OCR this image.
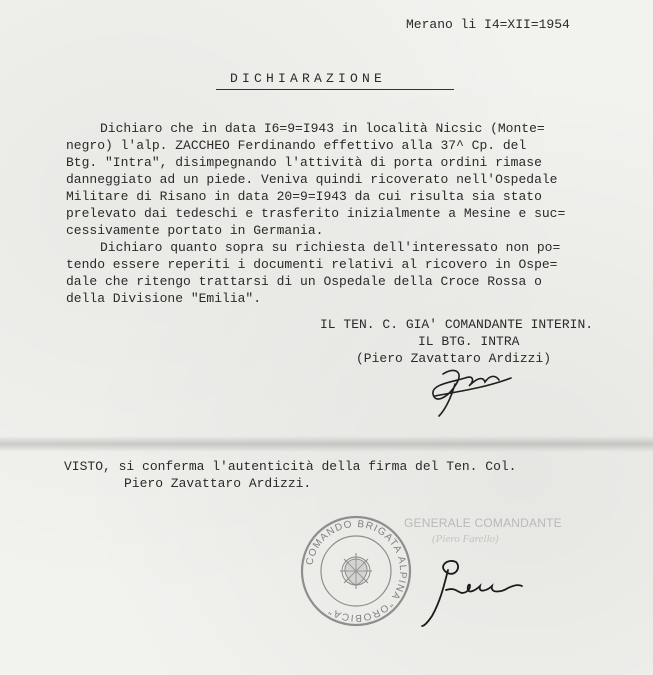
Merano li I4=XII=1954
DICHIARAZIONE
Dichiaro che in data I6=9=I943 in località Nicsic (Monte=
negro) l'alp. ZACCHEO Ferdinando effettivo alla 37^ Cp. del
Btg. "Intra", disimpegnando l'attività di porta ordini rimase
danneggiato ad un piede. Veniva quindi ricoverato nell'Ospedale
Militare di Risano in data 20=9=I943 da cui risulta sia stato
prelevato dai tedeschi e trasferito inizialmente a Mesine e suc=
cessivamente portato in Germania.
Dichiaro quanto sopra su richiesta dell'interessato non po=
tendo essere reperiti i documenti relativi al ricovero in Ospe=
dale che ritengo trattarsi di un Ospedale della Croce Rossa o
della Divisione "Emilia".
IL TEN. C. GIA' COMANDANTE INTERIN.
IL BTG. INTRA
(Piero Zavattaro Ardizzi)
VISTO, si conferma l'autenticità della firma del Ten. Col.
Piero Zavattaro Ardizzi.
COMANDO BRIGATA ALPINA "OROBICA"
GENERALE COMANDANTE
(Piero Farello)
